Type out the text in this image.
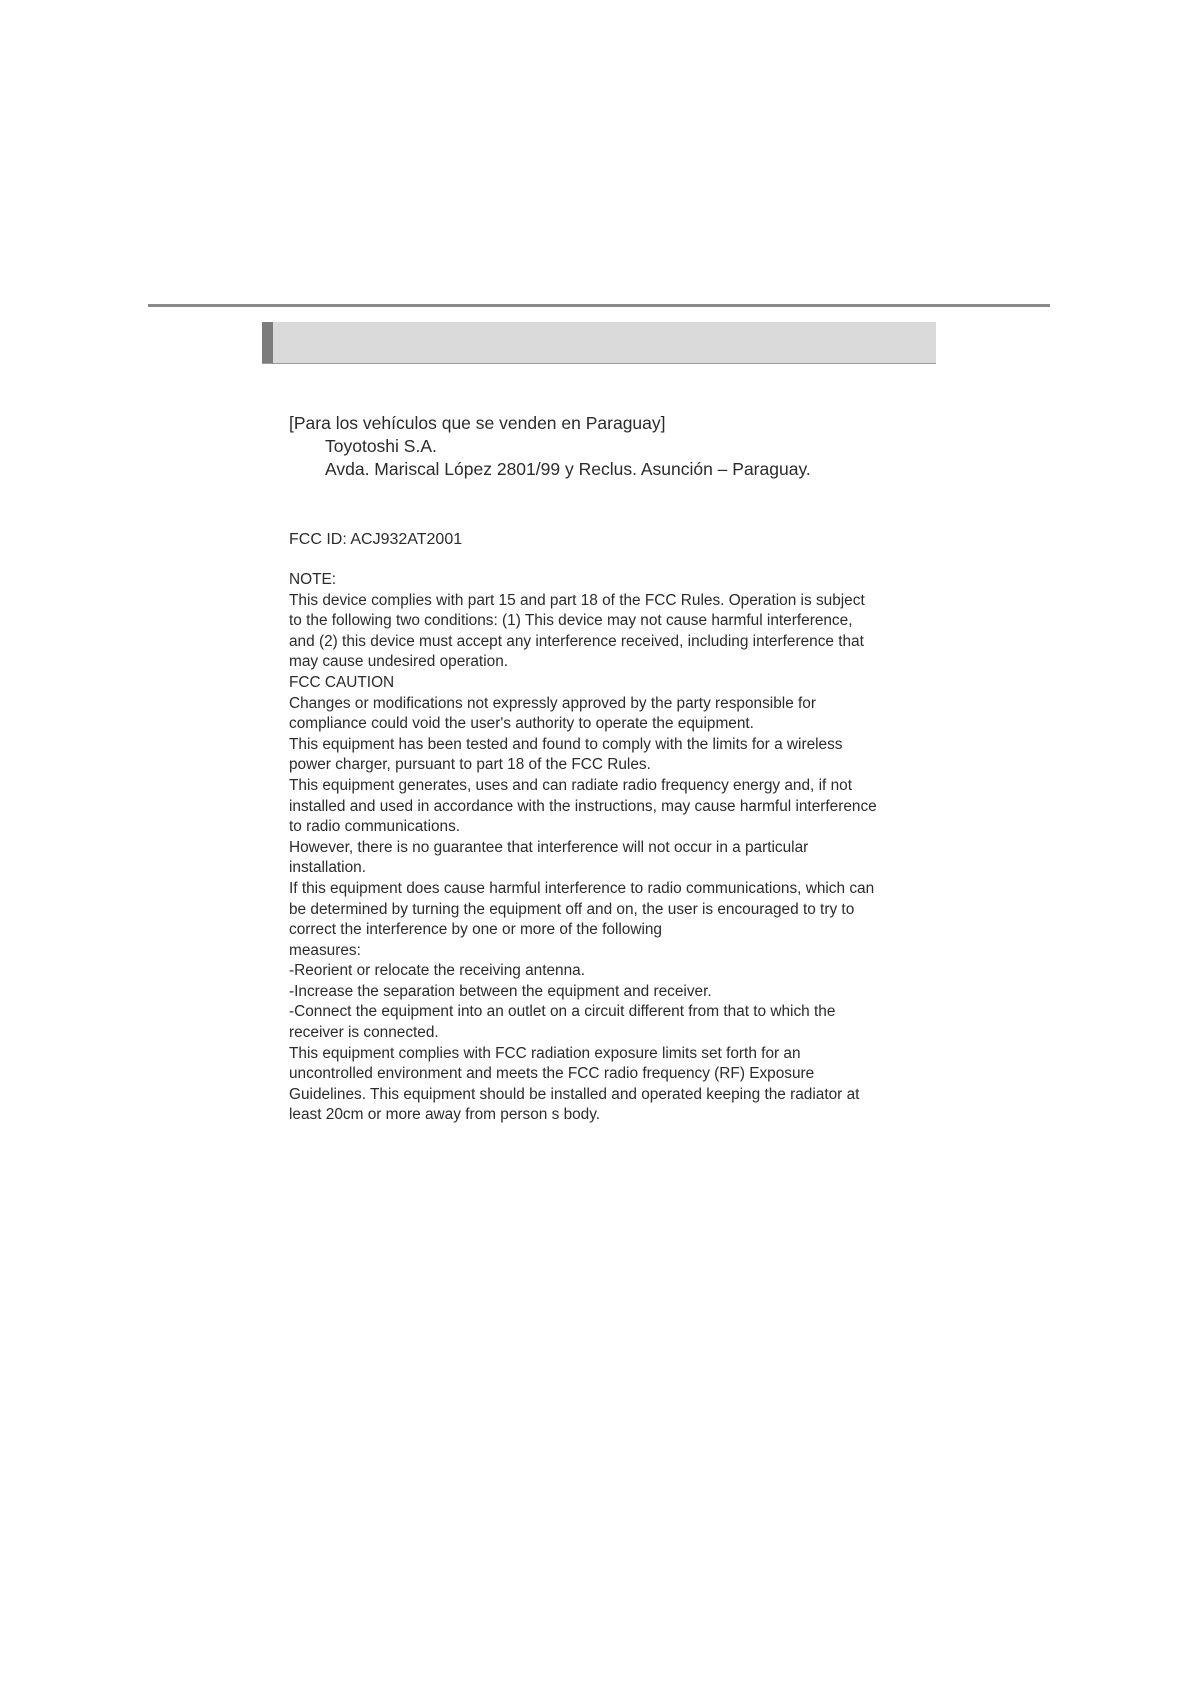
[Para los vehículos que se venden en Paraguay]

Toyotoshi S.A.

Avda. Mariscal López 2801/99 y Reclus. Asunción – Paraguay.

FCC ID: ACJ932AT2001

NOTE:

This device complies with part 15 and part 18 of the FCC Rules. Operation is subject

to the following two conditions: (1) This device may not cause harmful interference,

and (2) this device must accept any interference received, including interference that

may cause undesired operation.

FCC CAUTION

Changes or modifications not expressly approved by the party responsible for

compliance could void the user's authority to operate the equipment.

This equipment has been tested and found to comply with the limits for a wireless

power charger, pursuant to part 18 of the FCC Rules.

This equipment generates, uses and can radiate radio frequency energy and, if not

installed and used in accordance with the instructions, may cause harmful interference

to radio communications.

However, there is no guarantee that interference will not occur in a particular

installation.

If this equipment does cause harmful interference to radio communications, which can

be determined by turning the equipment off and on, the user is encouraged to try to

correct the interference by one or more of the following

measures:

-Reorient or relocate the receiving antenna.

-Increase the separation between the equipment and receiver.

-Connect the equipment into an outlet on a circuit different from that to which the

receiver is connected.

This equipment complies with FCC radiation exposure limits set forth for an

uncontrolled environment and meets the FCC radio frequency (RF) Exposure

Guidelines. This equipment should be installed and operated keeping the radiator at

least 20cm or more away from person s body.
